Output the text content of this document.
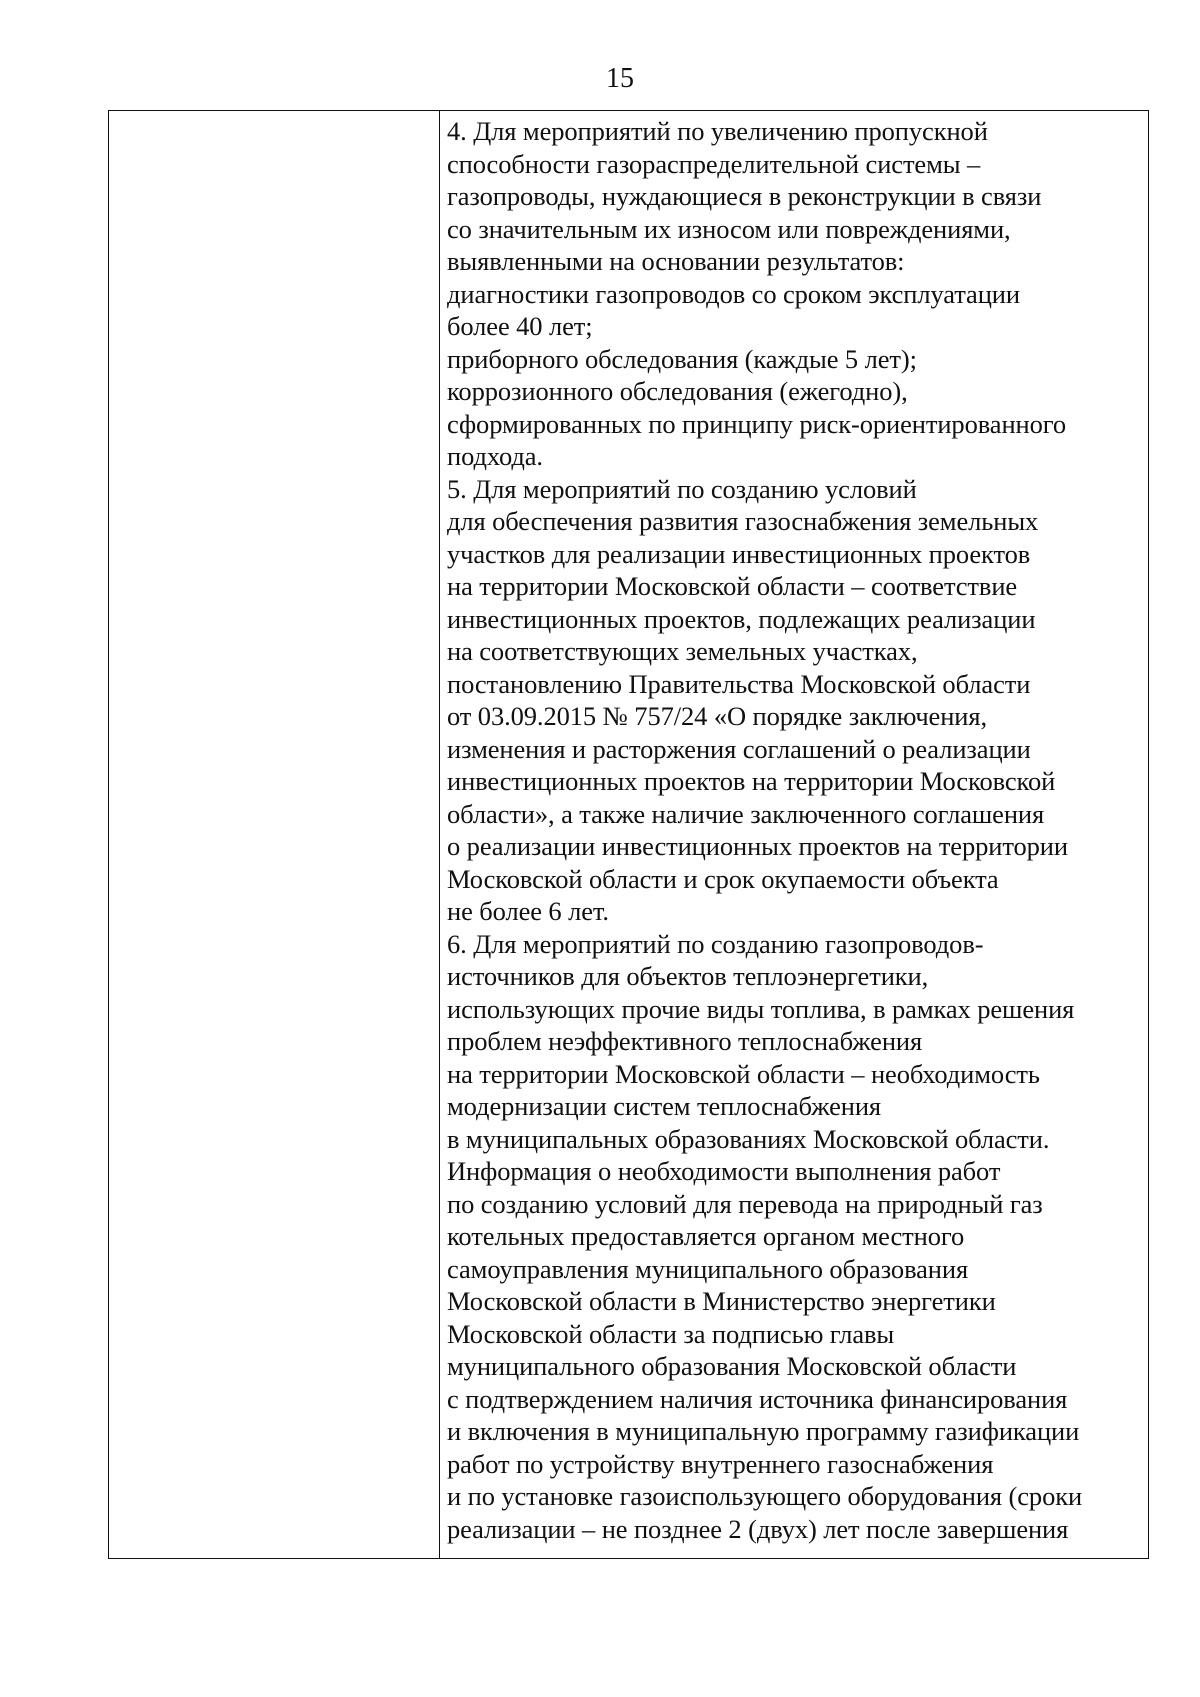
15
4. Для мероприятий по увеличению пропускной
способности газораспределительной системы –
газопроводы, нуждающиеся в реконструкции в связи
со значительным их износом или повреждениями,
выявленными на основании результатов:
диагностики газопроводов со сроком эксплуатации
более 40 лет;
приборного обследования (каждые 5 лет);
коррозионного обследования (ежегодно),
сформированных по принципу риск-ориентированного
подхода.
5. Для мероприятий по созданию условий
для обеспечения развития газоснабжения земельных
участков для реализации инвестиционных проектов
на территории Московской области – соответствие
инвестиционных проектов, подлежащих реализации
на соответствующих земельных участках,
постановлению Правительства Московской области
от 03.09.2015 № 757/24 «О порядке заключения,
изменения и расторжения соглашений о реализации
инвестиционных проектов на территории Московской
области», а также наличие заключенного соглашения
о реализации инвестиционных проектов на территории
Московской области и срок окупаемости объекта
не более 6 лет.
6. Для мероприятий по созданию газопроводов-
источников для объектов теплоэнергетики,
использующих прочие виды топлива, в рамках решения
проблем неэффективного теплоснабжения
на территории Московской области – необходимость
модернизации систем теплоснабжения
в муниципальных образованиях Московской области.
Информация о необходимости выполнения работ
по созданию условий для перевода на природный газ
котельных предоставляется органом местного
самоуправления муниципального образования
Московской области в Министерство энергетики
Московской области за подписью главы
муниципального образования Московской области
с подтверждением наличия источника финансирования
и включения в муниципальную программу газификации
работ по устройству внутреннего газоснабжения
и по установке газоиспользующего оборудования (сроки
реализации – не позднее 2 (двух) лет после завершения
